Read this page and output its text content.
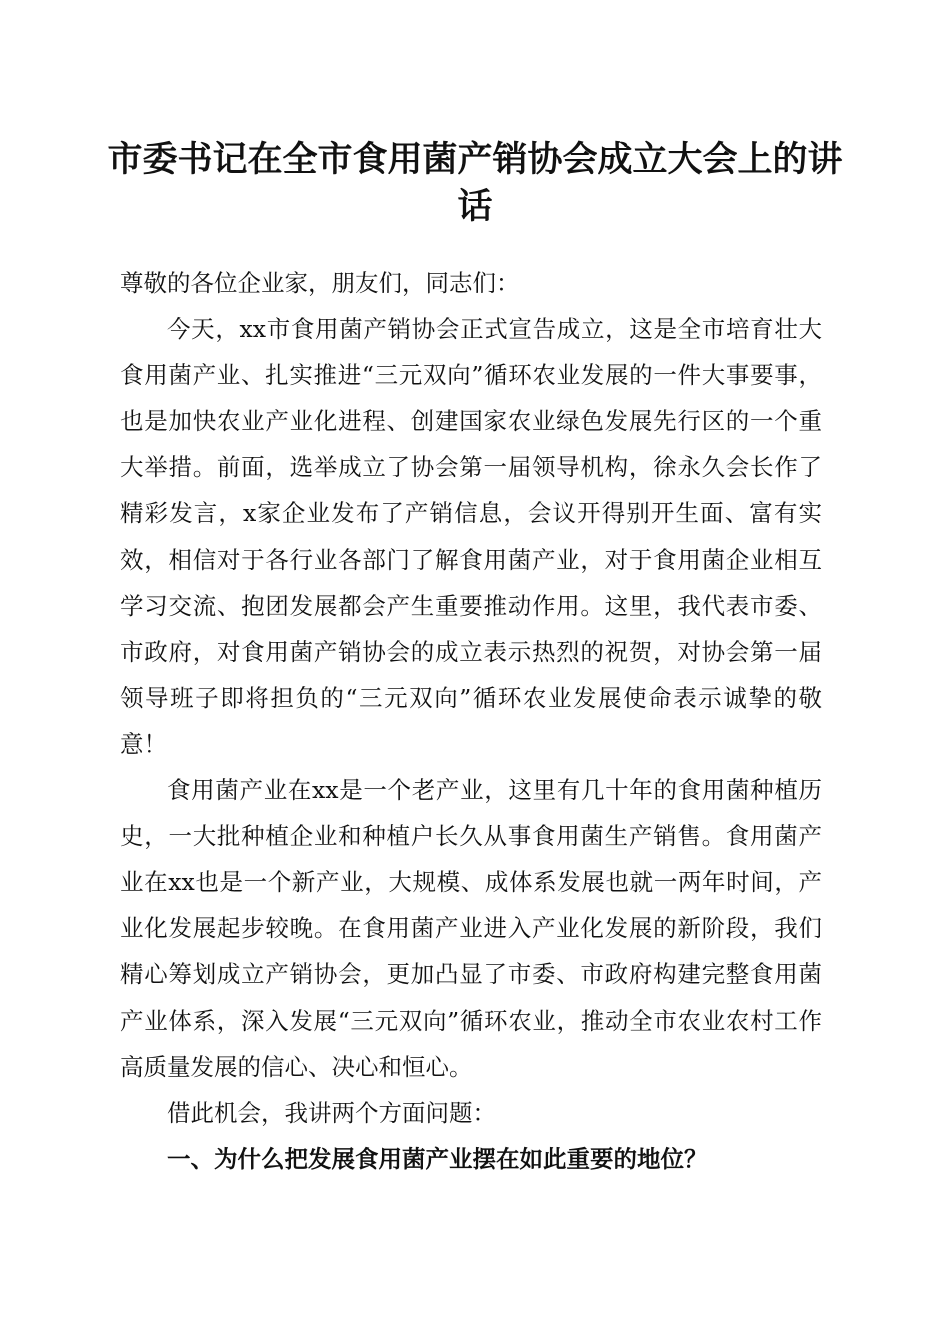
市委书记在全市食用菌产销协会成立大会上的讲话

尊敬的各位企业家，朋友们，同志们：

今天，xx市食用菌产销协会正式宣告成立，这是全市培育壮大食用菌产业、扎实推进“三元双向”循环农业发展的一件大事要事，也是加快农业产业化进程、创建国家农业绿色发展先行区的一个重大举措。前面，选举成立了协会第一届领导机构，徐永久会长作了精彩发言，x家企业发布了产销信息，会议开得别开生面、富有实效，相信对于各行业各部门了解食用菌产业，对于食用菌企业相互学习交流、抱团发展都会产生重要推动作用。这里，我代表市委、市政府，对食用菌产销协会的成立表示热烈的祝贺，对协会第一届领导班子即将担负的“三元双向”循环农业发展使命表示诚挚的敬意！

食用菌产业在xx是一个老产业，这里有几十年的食用菌种植历史，一大批种植企业和种植户长久从事食用菌生产销售。食用菌产业在xx也是一个新产业，大规模、成体系发展也就一两年时间，产业化发展起步较晚。在食用菌产业进入产业化发展的新阶段，我们精心筹划成立产销协会，更加凸显了市委、市政府构建完整食用菌产业体系，深入发展“三元双向”循环农业，推动全市农业农村工作高质量发展的信心、决心和恒心。

借此机会，我讲两个方面问题：

一、为什么把发展食用菌产业摆在如此重要的地位？
